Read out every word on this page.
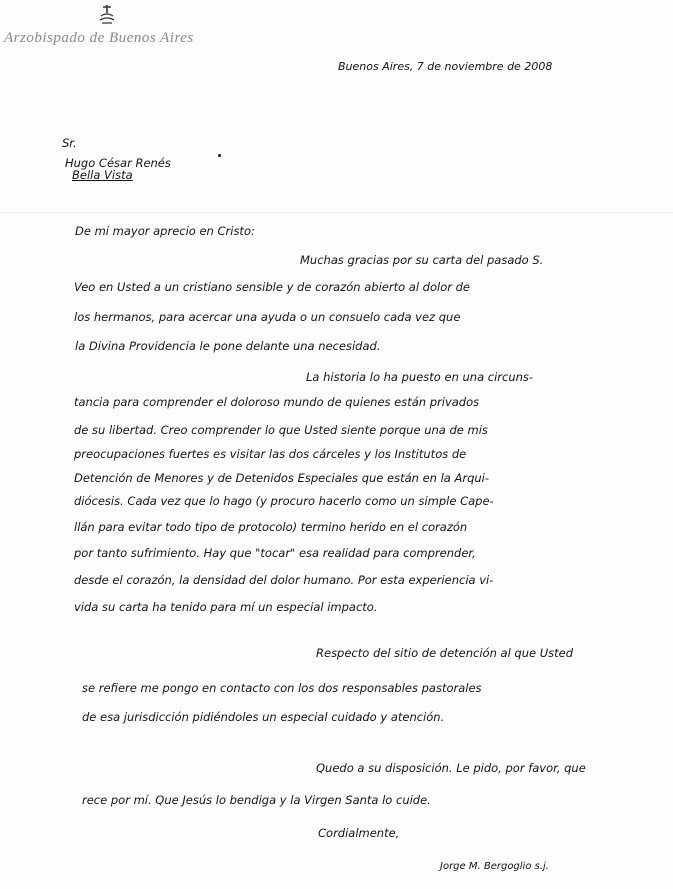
Arzobispado de Buenos Aires
Buenos Aires, 7 de noviembre de 2008
Sr.
Hugo César Renés
Bella Vista
De mi mayor aprecio en Cristo:
Muchas gracias por su carta del pasado S.
Veo en Usted a un cristiano sensible y de corazón abierto al dolor de
los hermanos, para acercar una ayuda o un consuelo cada vez que
la Divina Providencia le pone delante una necesidad.
La historia lo ha puesto en una circuns-
tancia para comprender el doloroso mundo de quienes están privados
de su libertad. Creo comprender lo que Usted siente porque una de mis
preocupaciones fuertes es visitar las dos cárceles y los Institutos de
Detención de Menores y de Detenidos Especiales que están en la Arqui-
diócesis. Cada vez que lo hago (y procuro hacerlo como un simple Cape-
llán para evitar todo tipo de protocolo) termino herido en el corazón
por tanto sufrimiento. Hay que "tocar" esa realidad para comprender,
desde el corazón, la densidad del dolor humano. Por esta experiencia vi-
vida su carta ha tenido para mí un especial impacto.
Respecto del sitio de detención al que Usted
se refiere me pongo en contacto con los dos responsables pastorales
de esa jurisdicción pidiéndoles un especial cuidado y atención.
Quedo a su disposición. Le pido, por favor, que
rece por mí. Que Jesús lo bendiga y la Virgen Santa lo cuide.
Cordialmente,
Jorge M. Bergoglio s.j.
